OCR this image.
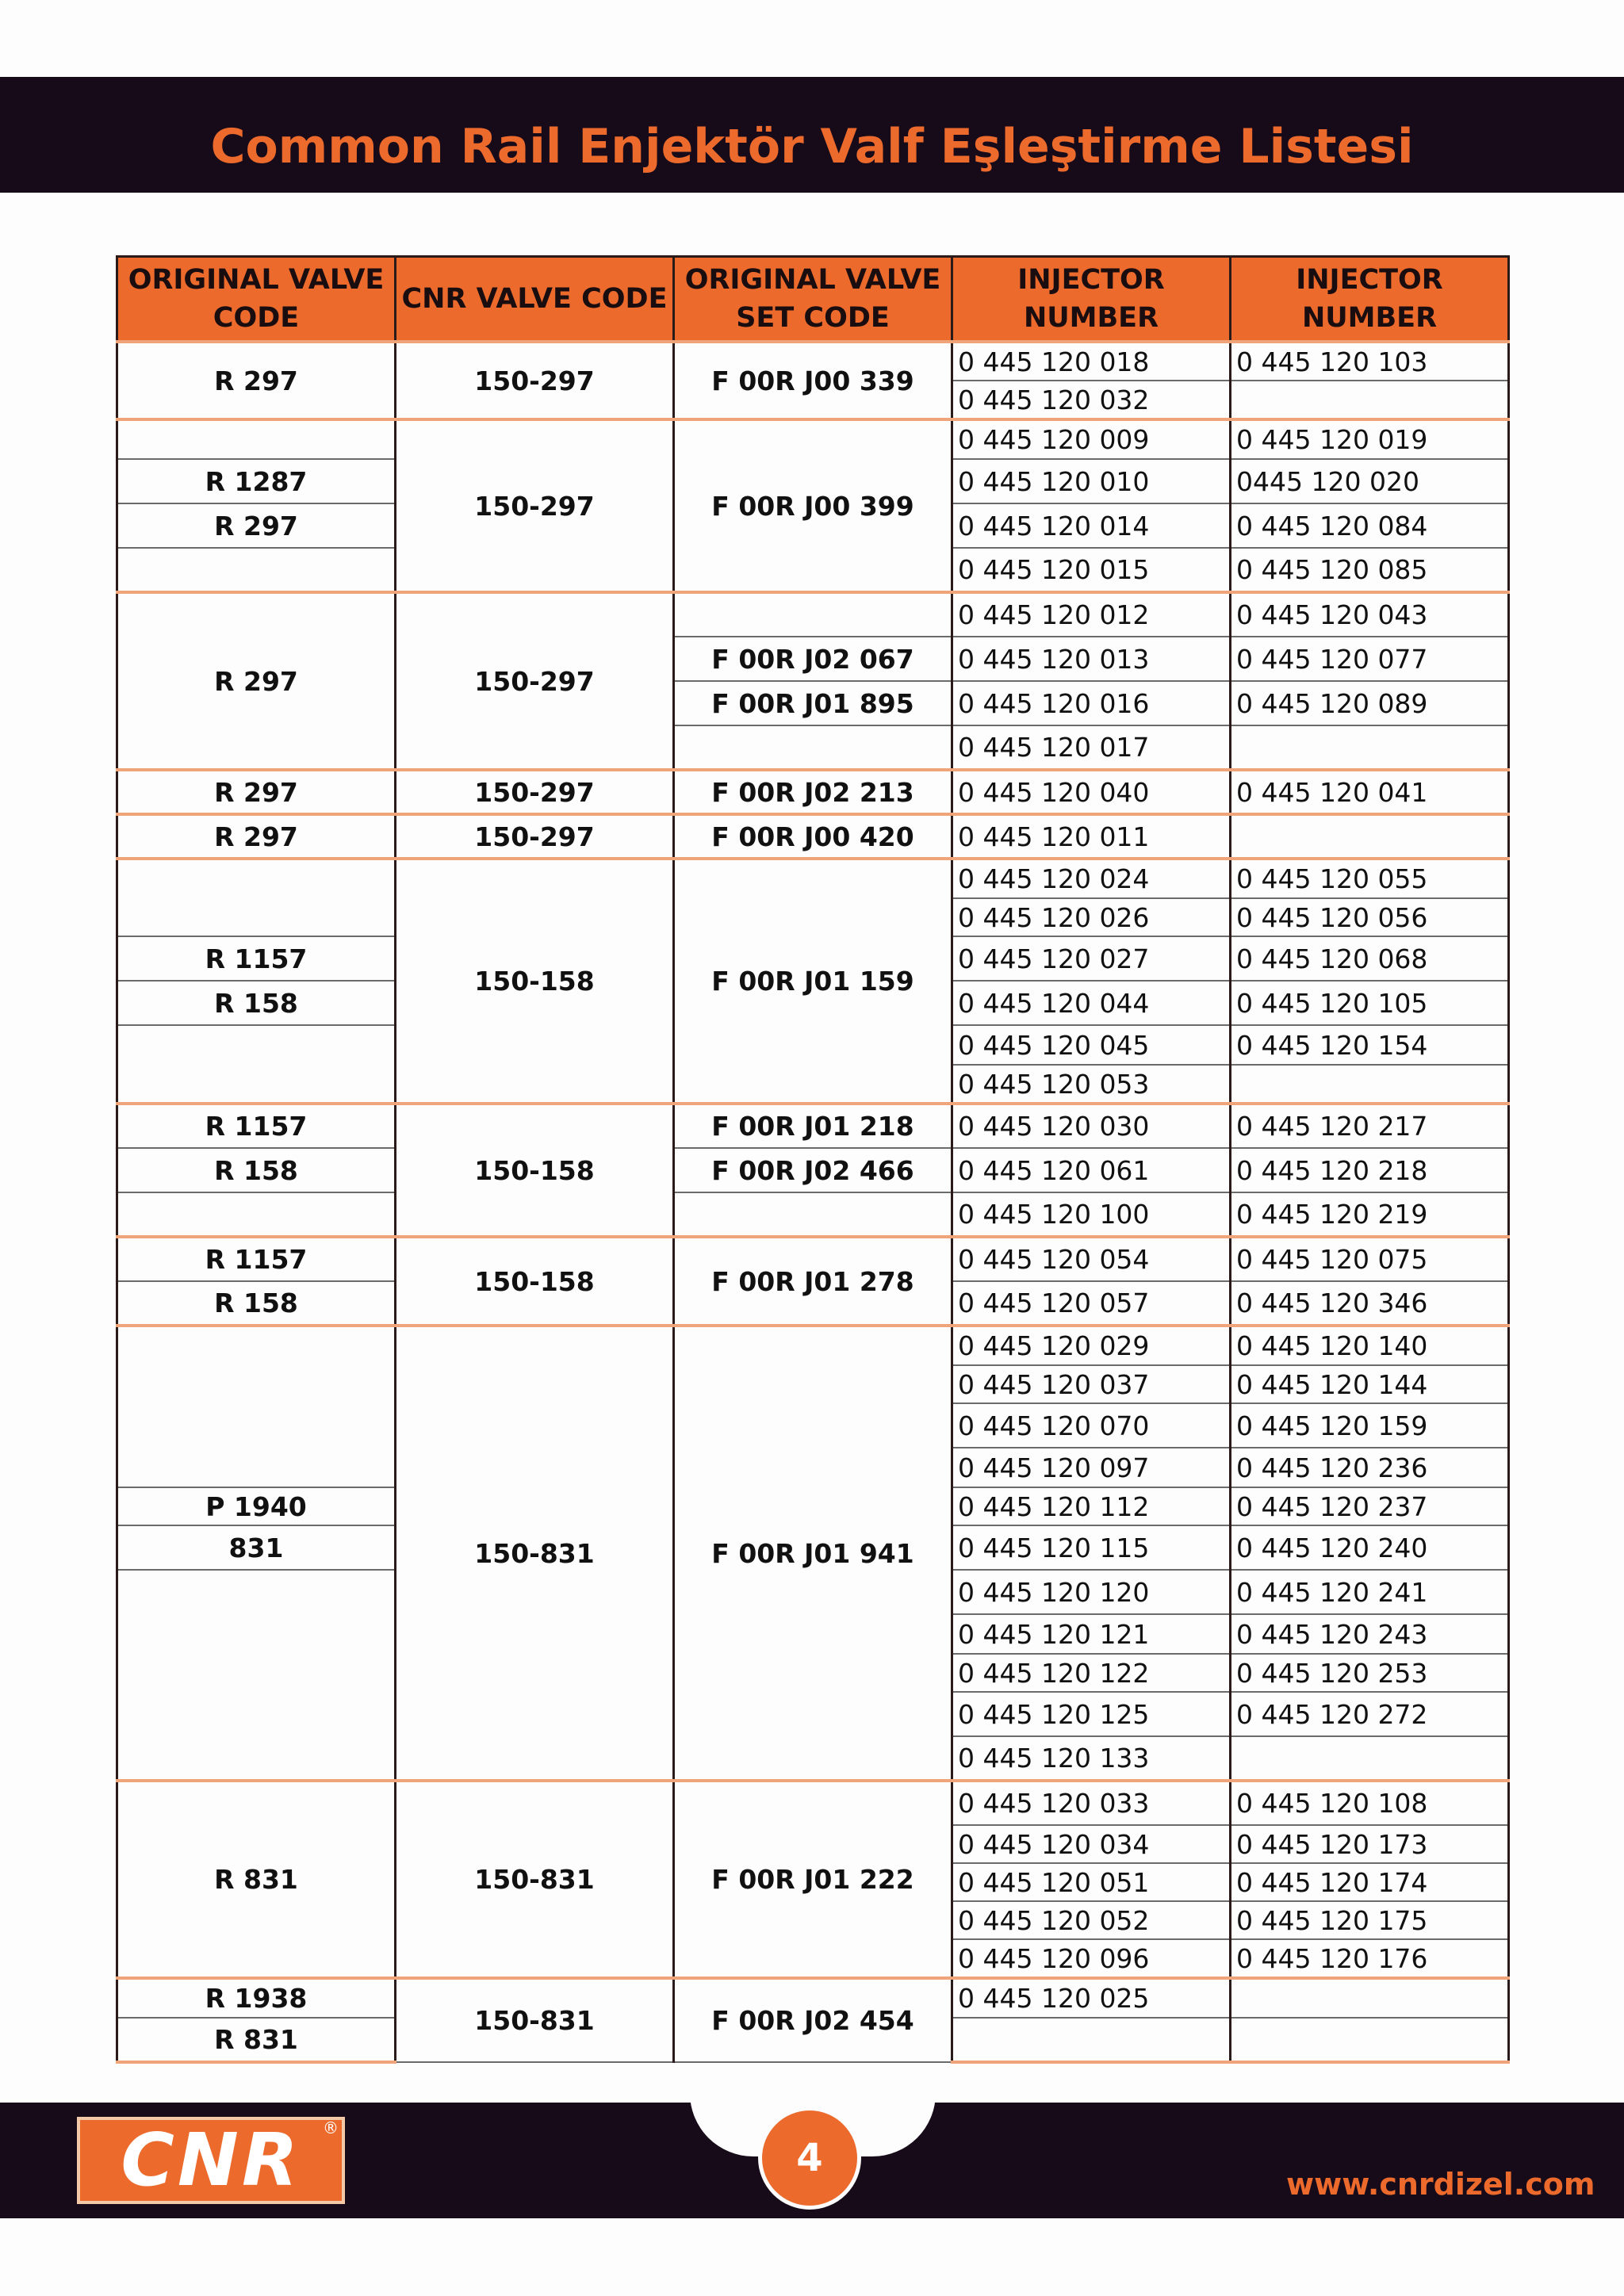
Common Rail Enjektör Valf Eşleştirme Listesi
ORIGINAL VALVE CODE	CNR VALVE CODE	ORIGINAL VALVE SET CODE	INJECTOR NUMBER	INJECTOR NUMBER
R 297	150-297	F 00R J00 339	0 445 120 018	0 445 120 103
			0 445 120 032	
	150-297	F 00R J00 399	0 445 120 009	0 445 120 019
R 1287			0 445 120 010	0445 120 020
R 297			0 445 120 014	0 445 120 084
			0 445 120 015	0 445 120 085
R 297	150-297		0 445 120 012	0 445 120 043
		F 00R J02 067	0 445 120 013	0 445 120 077
		F 00R J01 895	0 445 120 016	0 445 120 089
			0 445 120 017	
R 297	150-297	F 00R J02 213	0 445 120 040	0 445 120 041
R 297	150-297	F 00R J00 420	0 445 120 011	
	150-158	F 00R J01 159	0 445 120 024	0 445 120 055
			0 445 120 026	0 445 120 056
R 1157			0 445 120 027	0 445 120 068
R 158			0 445 120 044	0 445 120 105
			0 445 120 045	0 445 120 154
			0 445 120 053	
R 1157	150-158	F 00R J01 218	0 445 120 030	0 445 120 217
R 158		F 00R J02 466	0 445 120 061	0 445 120 218
			0 445 120 100	0 445 120 219
R 1157	150-158	F 00R J01 278	0 445 120 054	0 445 120 075
R 158			0 445 120 057	0 445 120 346
	150-831	F 00R J01 941	0 445 120 029	0 445 120 140
			0 445 120 037	0 445 120 144
			0 445 120 070	0 445 120 159
			0 445 120 097	0 445 120 236
P 1940			0 445 120 112	0 445 120 237
831			0 445 120 115	0 445 120 240
			0 445 120 120	0 445 120 241
			0 445 120 121	0 445 120 243
			0 445 120 122	0 445 120 253
			0 445 120 125	0 445 120 272
			0 445 120 133	
R 831	150-831	F 00R J01 222	0 445 120 033	0 445 120 108
			0 445 120 034	0 445 120 173
			0 445 120 051	0 445 120 174
			0 445 120 052	0 445 120 175
			0 445 120 096	0 445 120 176
R 1938	150-831	F 00R J02 454	0 445 120 025	
R 831				
4
CNR	®
www.cnrdizel.com
